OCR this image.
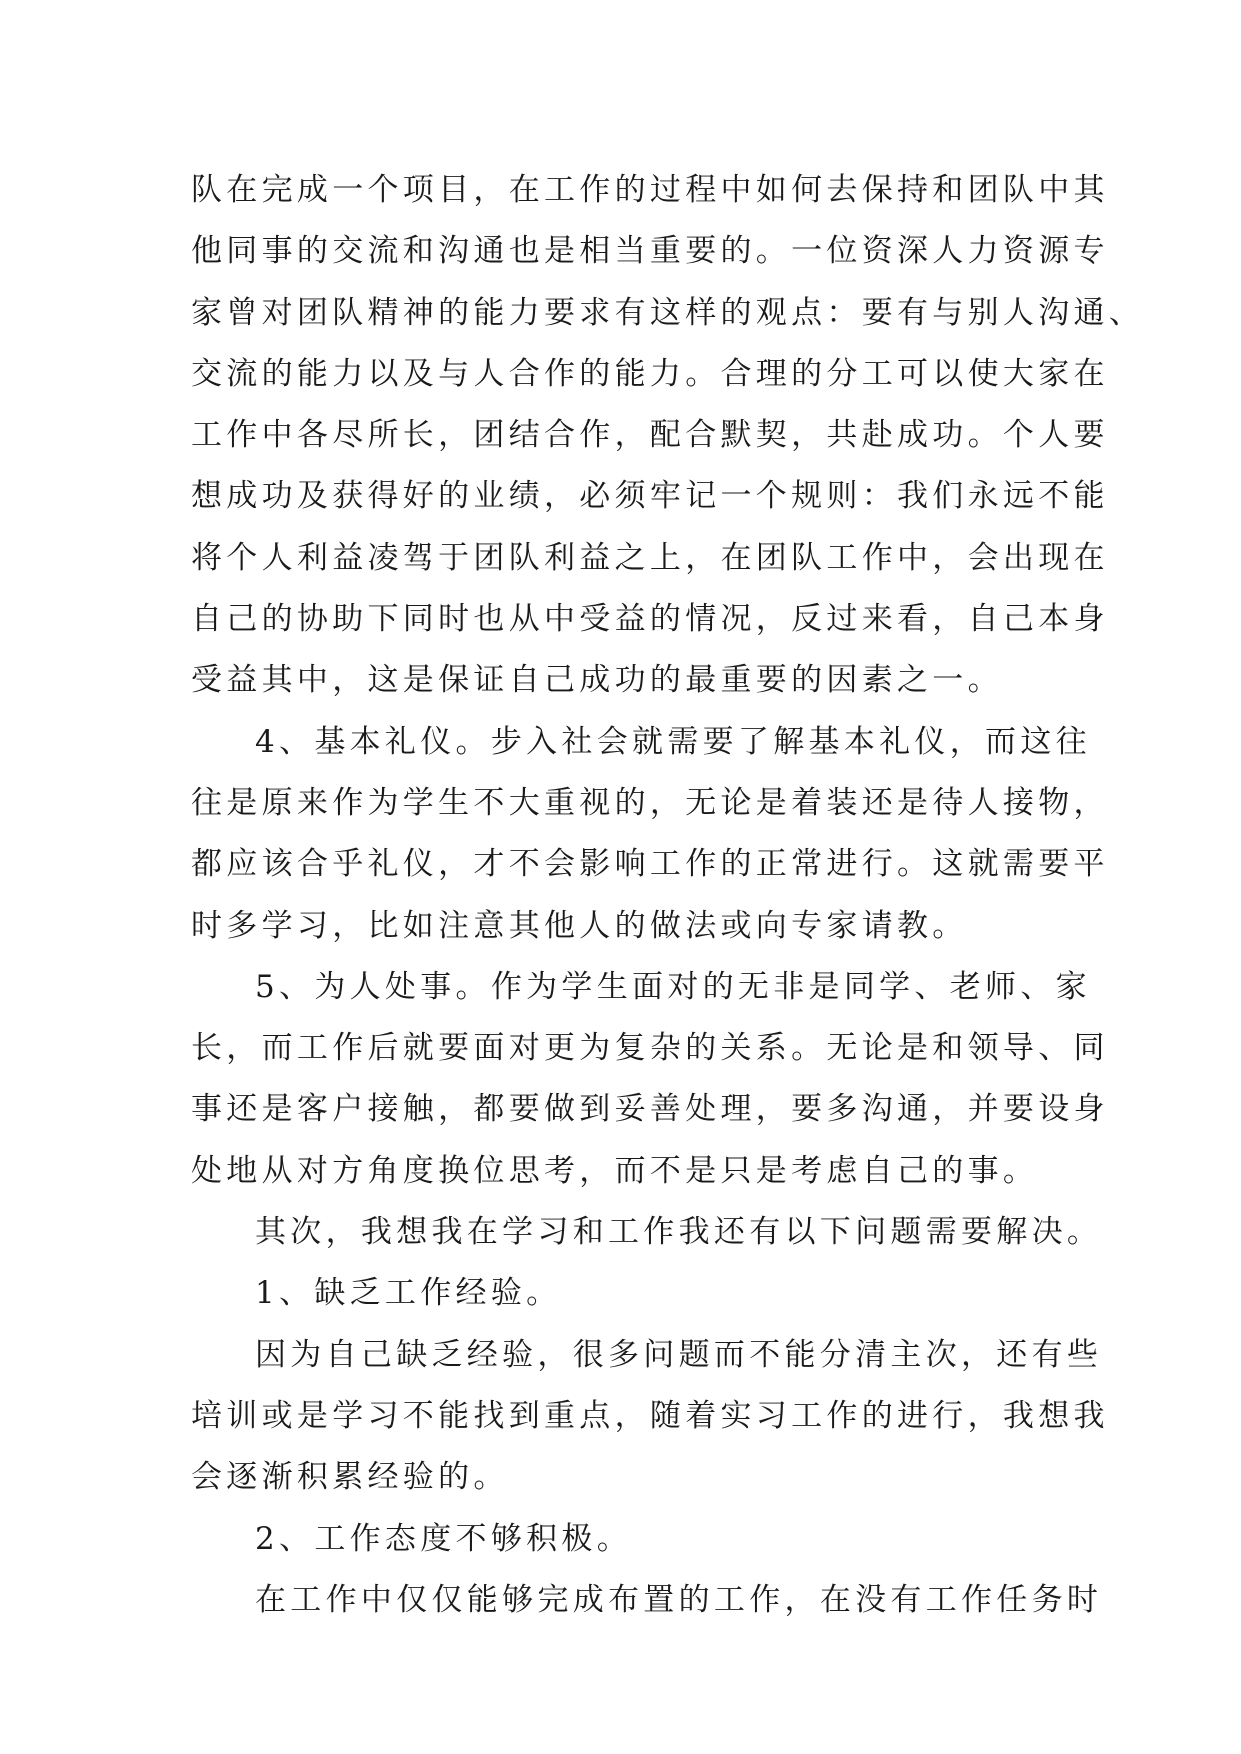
队在完成一个项目，在工作的过程中如何去保持和团队中其
他同事的交流和沟通也是相当重要的。一位资深人力资源专
家曾对团队精神的能力要求有这样的观点：要有与别人沟通、
交流的能力以及与人合作的能力。合理的分工可以使大家在
工作中各尽所长，团结合作，配合默契，共赴成功。个人要
想成功及获得好的业绩，必须牢记一个规则：我们永远不能
将个人利益凌驾于团队利益之上，在团队工作中，会出现在
自己的协助下同时也从中受益的情况，反过来看，自己本身
受益其中，这是保证自己成功的最重要的因素之一。
4、基本礼仪。步入社会就需要了解基本礼仪，而这往
往是原来作为学生不大重视的，无论是着装还是待人接物，
都应该合乎礼仪，才不会影响工作的正常进行。这就需要平
时多学习，比如注意其他人的做法或向专家请教。
5、为人处事。作为学生面对的无非是同学、老师、家
长，而工作后就要面对更为复杂的关系。无论是和领导、同
事还是客户接触，都要做到妥善处理，要多沟通，并要设身
处地从对方角度换位思考，而不是只是考虑自己的事。
其次，我想我在学习和工作我还有以下问题需要解决。
1、缺乏工作经验。
因为自己缺乏经验，很多问题而不能分清主次，还有些
培训或是学习不能找到重点，随着实习工作的进行，我想我
会逐渐积累经验的。
2、工作态度不够积极。
在工作中仅仅能够完成布置的工作，在没有工作任务时
